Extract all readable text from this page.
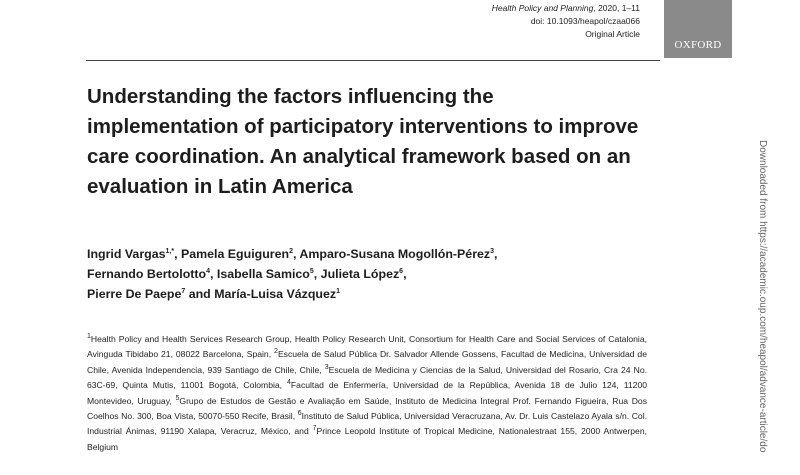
Health Policy and Planning, 2020, 1–11
doi: 10.1093/heapol/czaa066
Original Article
OXFORD
Understanding the factors influencing the implementation of participatory interventions to improve care coordination. An analytical framework based on an evaluation in Latin America
Ingrid Vargas$^{1,*}$, Pamela Eguiguren$^2$, Amparo-Susana Mogollón-Pérez$^3$,
Fernando Bertolotto$^4$, Isabella Samico$^5$, Julieta López$^6$,
Pierre De Paepe$^7$ and María-Luisa Vázquez$^1$
$^1$Health Policy and Health Services Research Group, Health Policy Research Unit, Consortium for Health Care and Social Services of Catalonia, Avinguda Tibidabo 21, 08022 Barcelona, Spain, $^2$Escuela de Salud Pública Dr. Salvador Allende Gossens, Facultad de Medicina, Universidad de Chile, Avenida Independencia, 939 Santiago de Chile, Chile, $^3$Escuela de Medicina y Ciencias de la Salud, Universidad del Rosario, Cra 24 No. 63C-69, Quinta Mutis, 11001 Bogotá, Colombia, $^4$Facultad de Enfermería, Universidad de la República, Avenida 18 de Julio 124, 11200 Montevideo, Uruguay, $^5$Grupo de Estudos de Gestão e Avaliação em Saúde, Instituto de Medicina Integral Prof. Fernando Figueira, Rua Dos Coelhos No. 300, Boa Vista, 50070-550 Recife, Brasil, $^6$Instituto de Salud Pública, Universidad Veracruzana, Av. Dr. Luis Castelazo Ayala s/n. Col. Industrial Ánimas, 91190 Xalapa, Veracruz, México, and $^7$Prince Leopold Institute of Tropical Medicine, Nationalestraat 155, 2000 Antwerpen, Belgium	Downloaded from https://academic.oup.com/heapol/advance-article/do
